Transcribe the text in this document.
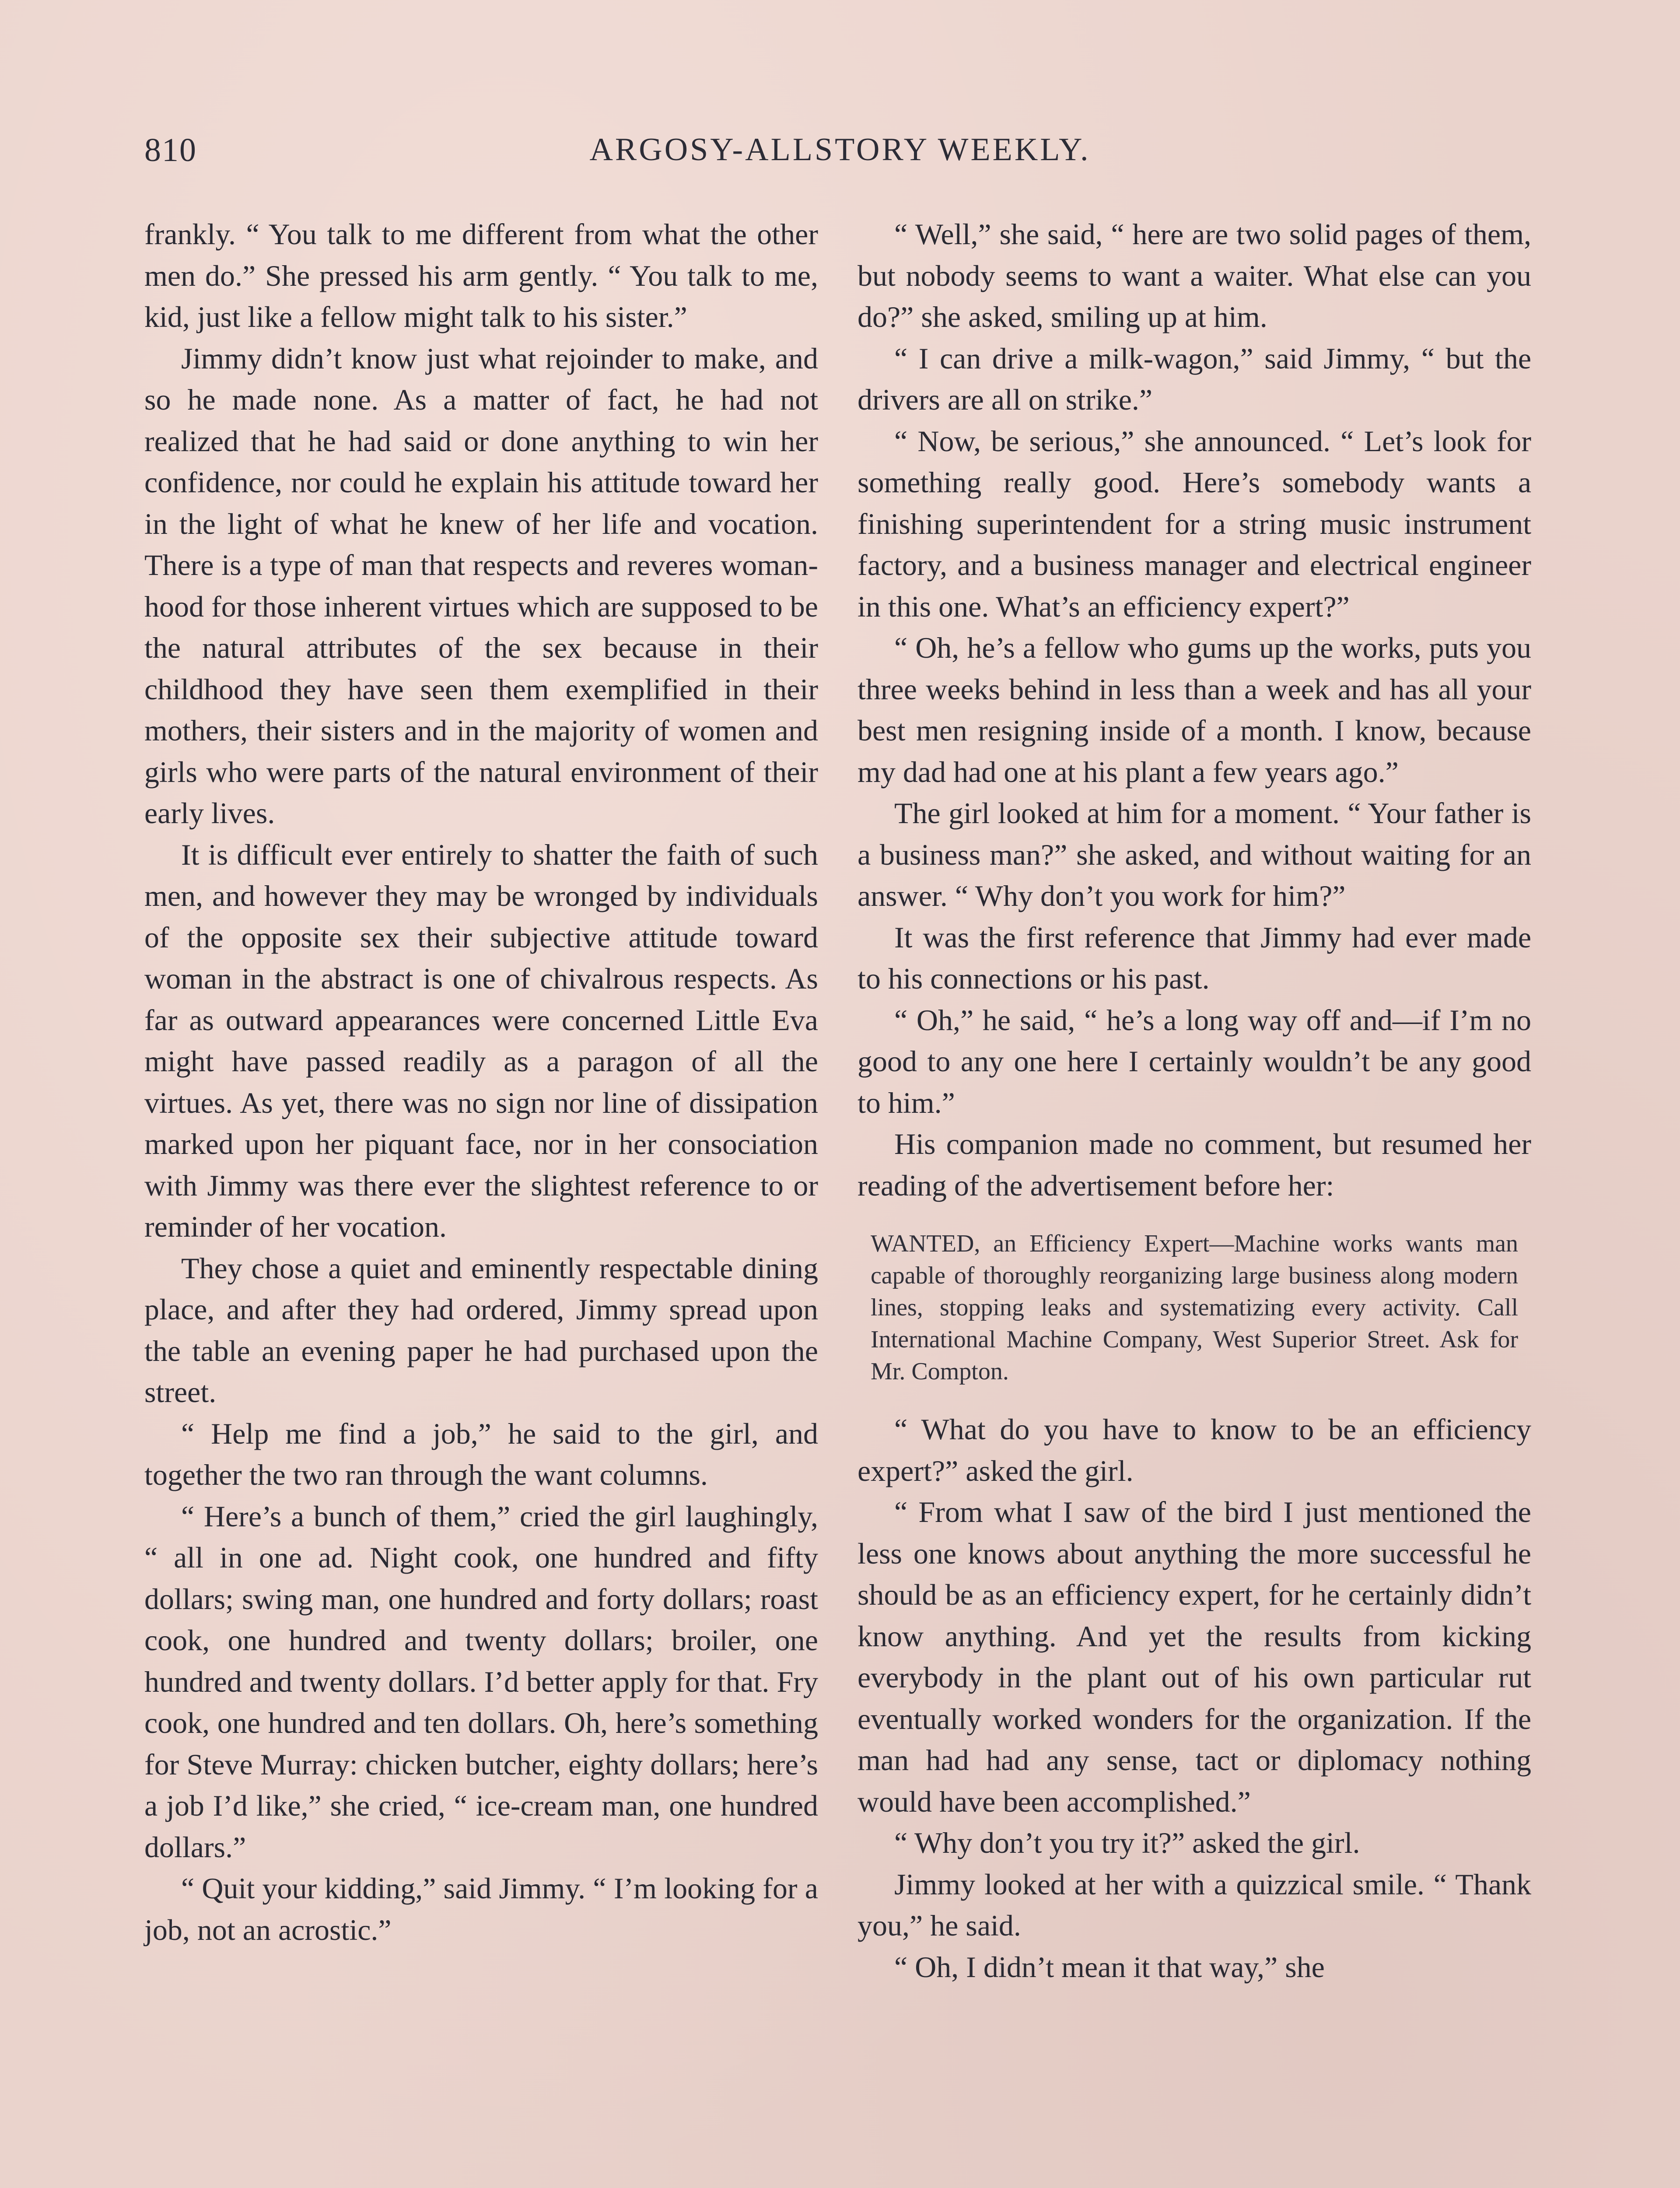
810	ARGOSY-ALLSTORY WEEKLY.

frankly. “ You talk to me different from what the other men do.” She pressed his arm gently. “ You talk to me, kid, just like a fellow might talk to his sister.”

Jimmy didn’t know just what rejoinder to make, and so he made none. As a matter of fact, he had not realized that he had said or done anything to win her confidence, nor could he explain his attitude toward her in the light of what he knew of her life and vocation. There is a type of man that respects and reveres womanhood for those inherent virtues which are supposed to be the natural attributes of the sex because in their childhood they have seen them exemplified in their mothers, their sisters and in the majority of women and girls who were parts of the natural environment of their early lives.

It is difficult ever entirely to shatter the faith of such men, and however they may be wronged by individuals of the opposite sex their subjective attitude toward woman in the abstract is one of chivalrous respects. As far as outward appearances were concerned Little Eva might have passed readily as a paragon of all the virtues. As yet, there was no sign nor line of dissipation marked upon her piquant face, nor in her consociation with Jimmy was there ever the slightest reference to or reminder of her vocation.

They chose a quiet and eminently respectable dining place, and after they had ordered, Jimmy spread upon the table an evening paper he had purchased upon the street.

“ Help me find a job,” he said to the girl, and together the two ran through the want columns.

“ Here’s a bunch of them,” cried the girl laughingly, “ all in one ad. Night cook, one hundred and fifty dollars; swing man, one hundred and forty dollars; roast cook, one hundred and twenty dollars; broiler, one hundred and twenty dollars. I’d better apply for that. Fry cook, one hundred and ten dollars. Oh, here’s something for Steve Murray: chicken butcher, eighty dollars; here’s a job I’d like,” she cried, “ ice-cream man, one hundred dollars.”

“ Quit your kidding,” said Jimmy. “ I’m looking for a job, not an acrostic.”

“ Well,” she said, “ here are two solid pages of them, but nobody seems to want a waiter. What else can you do?” she asked, smiling up at him.

“ I can drive a milk-wagon,” said Jimmy, “ but the drivers are all on strike.”

“ Now, be serious,” she announced. “ Let’s look for something really good. Here’s somebody wants a finishing superintendent for a string music instrument factory, and a business manager and electrical engineer in this one. What’s an efficiency expert?”

“ Oh, he’s a fellow who gums up the works, puts you three weeks behind in less than a week and has all your best men resigning inside of a month. I know, because my dad had one at his plant a few years ago.”

The girl looked at him for a moment. “ Your father is a business man?” she asked, and without waiting for an answer. “ Why don’t you work for him?”

It was the first reference that Jimmy had ever made to his connections or his past.

“ Oh,” he said, “ he’s a long way off and—if I’m no good to any one here I certainly wouldn’t be any good to him.”

His companion made no comment, but resumed her reading of the advertisement before her:

WANTED, an Efficiency Expert—Machine works wants man capable of thoroughly reorganizing large business along modern lines, stopping leaks and systematizing every activity. Call International Machine Company, West Superior Street. Ask for Mr. Compton.

“ What do you have to know to be an efficiency expert?” asked the girl.

“ From what I saw of the bird I just mentioned the less one knows about anything the more successful he should be as an efficiency expert, for he certainly didn’t know anything. And yet the results from kicking everybody in the plant out of his own particular rut eventually worked wonders for the organization. If the man had had any sense, tact or diplomacy nothing would have been accomplished.”

“ Why don’t you try it?” asked the girl.

Jimmy looked at her with a quizzical smile. “ Thank you,” he said.

“ Oh, I didn’t mean it that way,” she
